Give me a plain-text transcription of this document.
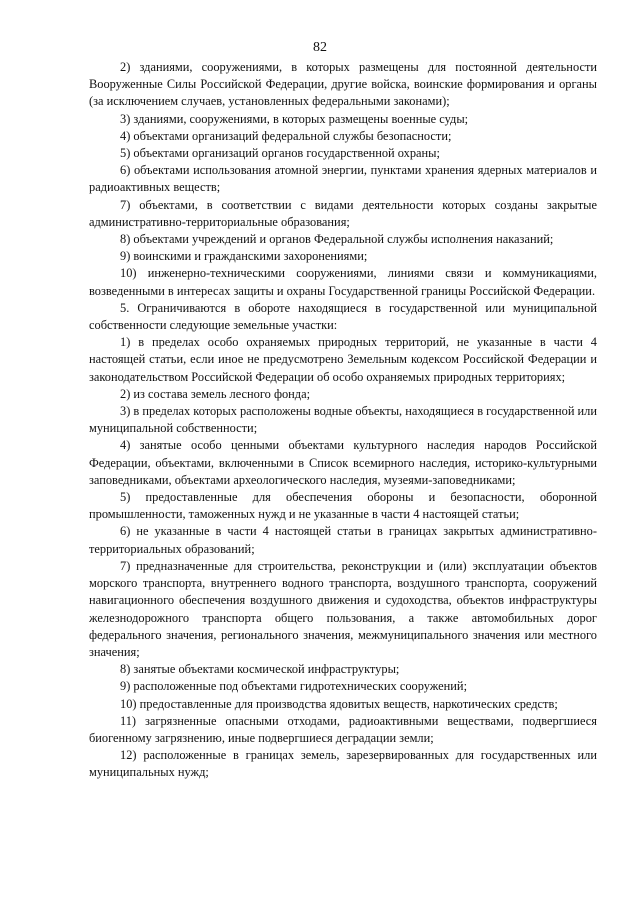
82

2) зданиями, сооружениями, в которых размещены для постоянной деятельности Вооруженные Силы Российской Федерации, другие войска, воинские формирования и органы (за исключением случаев, установленных федеральными законами);

3) зданиями, сооружениями, в которых размещены военные суды;

4) объектами организаций федеральной службы безопасности;

5) объектами организаций органов государственной охраны;

6) объектами использования атомной энергии, пунктами хранения ядерных материалов и радиоактивных веществ;

7) объектами, в соответствии с видами деятельности которых созданы закрытые административно-территориальные образования;

8) объектами учреждений и органов Федеральной службы исполнения наказаний;

9) воинскими и гражданскими захоронениями;

10) инженерно-техническими сооружениями, линиями связи и коммуникациями, возведенными в интересах защиты и охраны Государственной границы Российской Федерации.

5. Ограничиваются в обороте находящиеся в государственной или муниципальной собственности следующие земельные участки:

1) в пределах особо охраняемых природных территорий, не указанные в части 4 настоящей статьи, если иное не предусмотрено Земельным кодексом Российской Федерации и законодательством Российской Федерации об особо охраняемых природных территориях;

2) из состава земель лесного фонда;

3) в пределах которых расположены водные объекты, находящиеся в государственной или муниципальной собственности;

4) занятые особо ценными объектами культурного наследия народов Российской Федерации, объектами, включенными в Список всемирного наследия, историко-культурными заповедниками, объектами археологического наследия, музеями-заповедниками;

5) предоставленные для обеспечения обороны и безопасности, оборонной промышленности, таможенных нужд и не указанные в части 4 настоящей статьи;

6) не указанные в части 4 настоящей статьи в границах закрытых административно-территориальных образований;

7) предназначенные для строительства, реконструкции и (или) эксплуатации объектов морского транспорта, внутреннего водного транспорта, воздушного транспорта, сооружений навигационного обеспечения воздушного движения и судоходства, объектов инфраструктуры железнодорожного транспорта общего пользования, а также автомобильных дорог федерального значения, регионального значения, межмуниципального значения или местного значения;

8) занятые объектами космической инфраструктуры;

9) расположенные под объектами гидротехнических сооружений;

10) предоставленные для производства ядовитых веществ, наркотических средств;

11) загрязненные опасными отходами, радиоактивными веществами, подвергшиеся биогенному загрязнению, иные подвергшиеся деградации земли;

12) расположенные в границах земель, зарезервированных для государственных или муниципальных нужд;
